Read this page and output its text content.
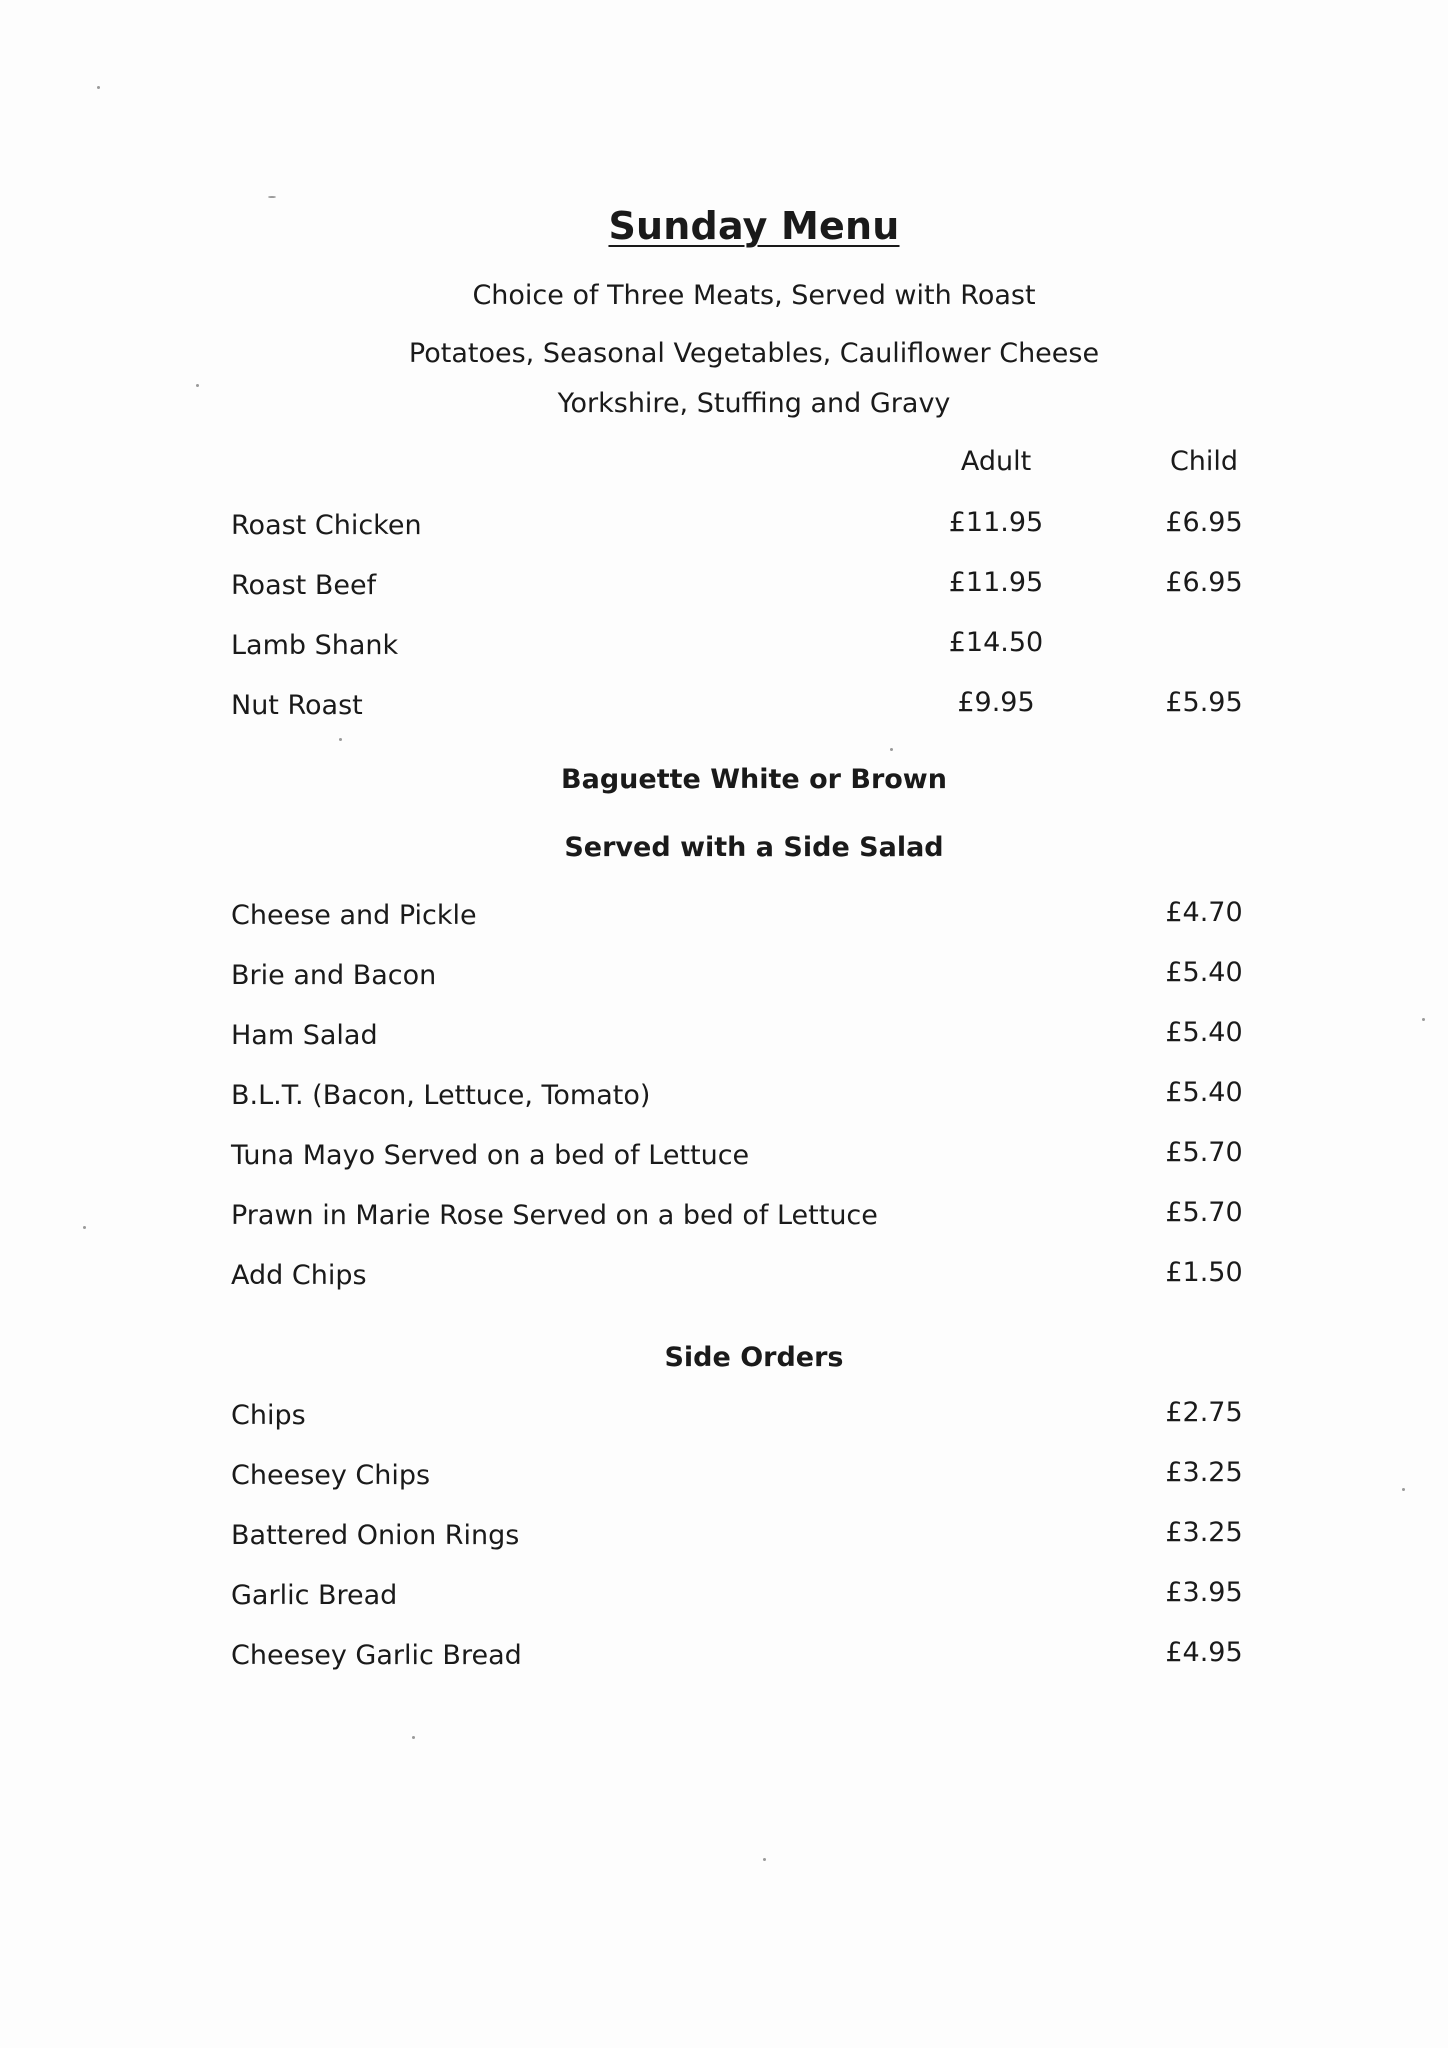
Sunday Menu
Choice of Three Meats, Served with Roast
Potatoes, Seasonal Vegetables, Cauliflower Cheese
Yorkshire, Stuffing and Gravy
Adult	Child
Roast Chicken	£11.95	£6.95
Roast Beef	£11.95	£6.95
Lamb Shank	£14.50
Nut Roast	£9.95	£5.95
Baguette White or Brown
Served with a Side Salad
Cheese and Pickle	£4.70
Brie and Bacon	£5.40
Ham Salad	£5.40
B.L.T. (Bacon, Lettuce, Tomato)	£5.40
Tuna Mayo Served on a bed of Lettuce	£5.70
Prawn in Marie Rose Served on a bed of Lettuce	£5.70
Add Chips	£1.50
Side Orders
Chips	£2.75
Cheesey Chips	£3.25
Battered Onion Rings	£3.25
Garlic Bread	£3.95
Cheesey Garlic Bread	£4.95
